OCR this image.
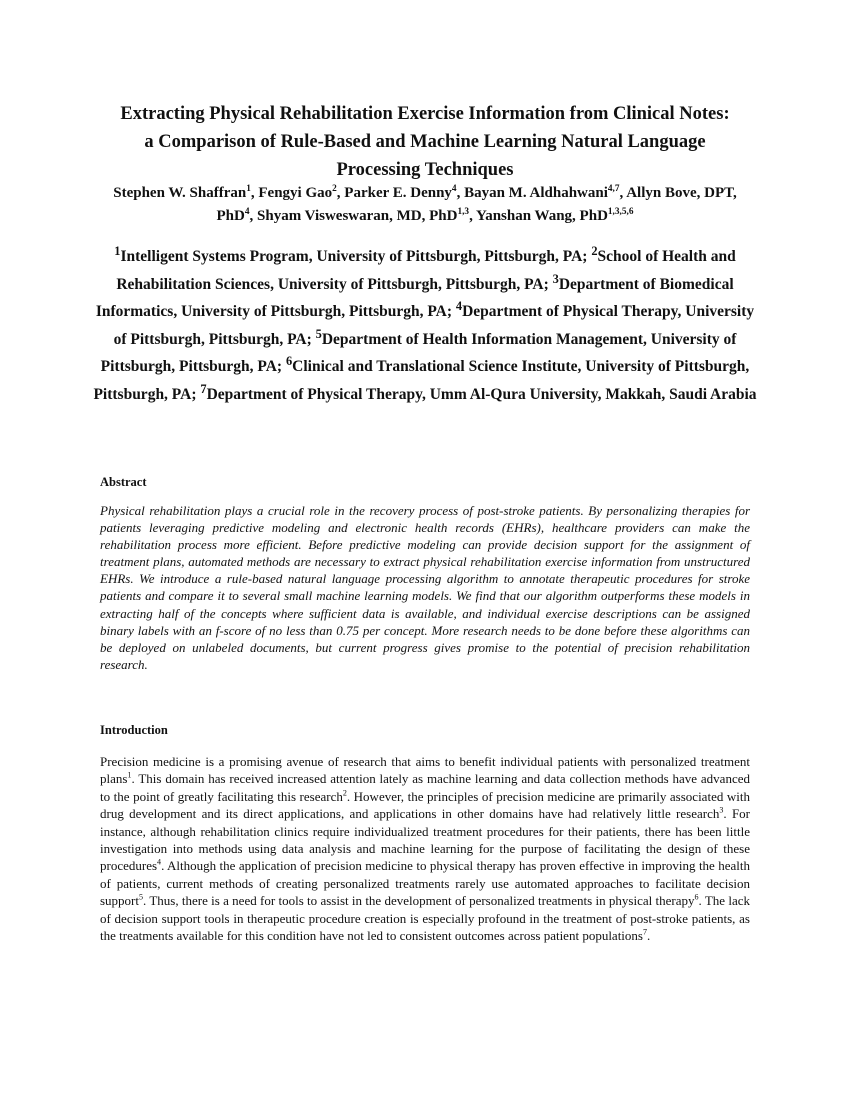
Extracting Physical Rehabilitation Exercise Information from Clinical Notes:
a Comparison of Rule-Based and Machine Learning Natural Language
Processing Techniques
Stephen W. Shaffran$^1$, Fengyi Gao$^2$, Parker E. Denny$^4$, Bayan M. Aldhahwani$^{4,7}$, Allyn Bove, DPT, PhD$^4$, Shyam Visweswaran, MD, PhD$^{1,3}$, Yanshan Wang, PhD$^{1,3,5,6}$
$^1$Intelligent Systems Program, University of Pittsburgh, Pittsburgh, PA; $^2$School of Health and Rehabilitation Sciences, University of Pittsburgh, Pittsburgh, PA; $^3$Department of Biomedical Informatics, University of Pittsburgh, Pittsburgh, PA; $^4$Department of Physical Therapy, University of Pittsburgh, Pittsburgh, PA; $^5$Department of Health Information Management, University of Pittsburgh, Pittsburgh, PA; $^6$Clinical and Translational Science Institute, University of Pittsburgh, Pittsburgh, PA; $^7$Department of Physical Therapy, Umm Al-Qura University, Makkah, Saudi Arabia
Abstract

Physical rehabilitation plays a crucial role in the recovery process of post-stroke patients. By personalizing therapies for patients leveraging predictive modeling and electronic health records (EHRs), healthcare providers can make the rehabilitation process more efficient. Before predictive modeling can provide decision support for the assignment of treatment plans, automated methods are necessary to extract physical rehabilitation exercise information from unstructured EHRs. We introduce a rule-based natural language processing algorithm to annotate therapeutic procedures for stroke patients and compare it to several small machine learning models. We find that our algorithm outperforms these models in extracting half of the concepts where sufficient data is available, and individual exercise descriptions can be assigned binary labels with an f-score of no less than 0.75 per concept. More research needs to be done before these algorithms can be deployed on unlabeled documents, but current progress gives promise to the potential of precision rehabilitation research.

Introduction

Precision medicine is a promising avenue of research that aims to benefit individual patients with personalized treatment plans$^1$. This domain has received increased attention lately as machine learning and data collection methods have advanced to the point of greatly facilitating this research$^2$. However, the principles of precision medicine are primarily associated with drug development and its direct applications, and applications in other domains have had relatively little research$^3$. For instance, although rehabilitation clinics require individualized treatment procedures for their patients, there has been little investigation into methods using data analysis and machine learning for the purpose of facilitating the design of these procedures$^4$. Although the application of precision medicine to physical therapy has proven effective in improving the health of patients, current methods of creating personalized treatments rarely use automated approaches to facilitate decision support$^5$. Thus, there is a need for tools to assist in the development of personalized treatments in physical therapy$^6$. The lack of decision support tools in therapeutic procedure creation is especially profound in the treatment of post-stroke patients, as the treatments available for this condition have not led to consistent outcomes across patient populations$^7$.
